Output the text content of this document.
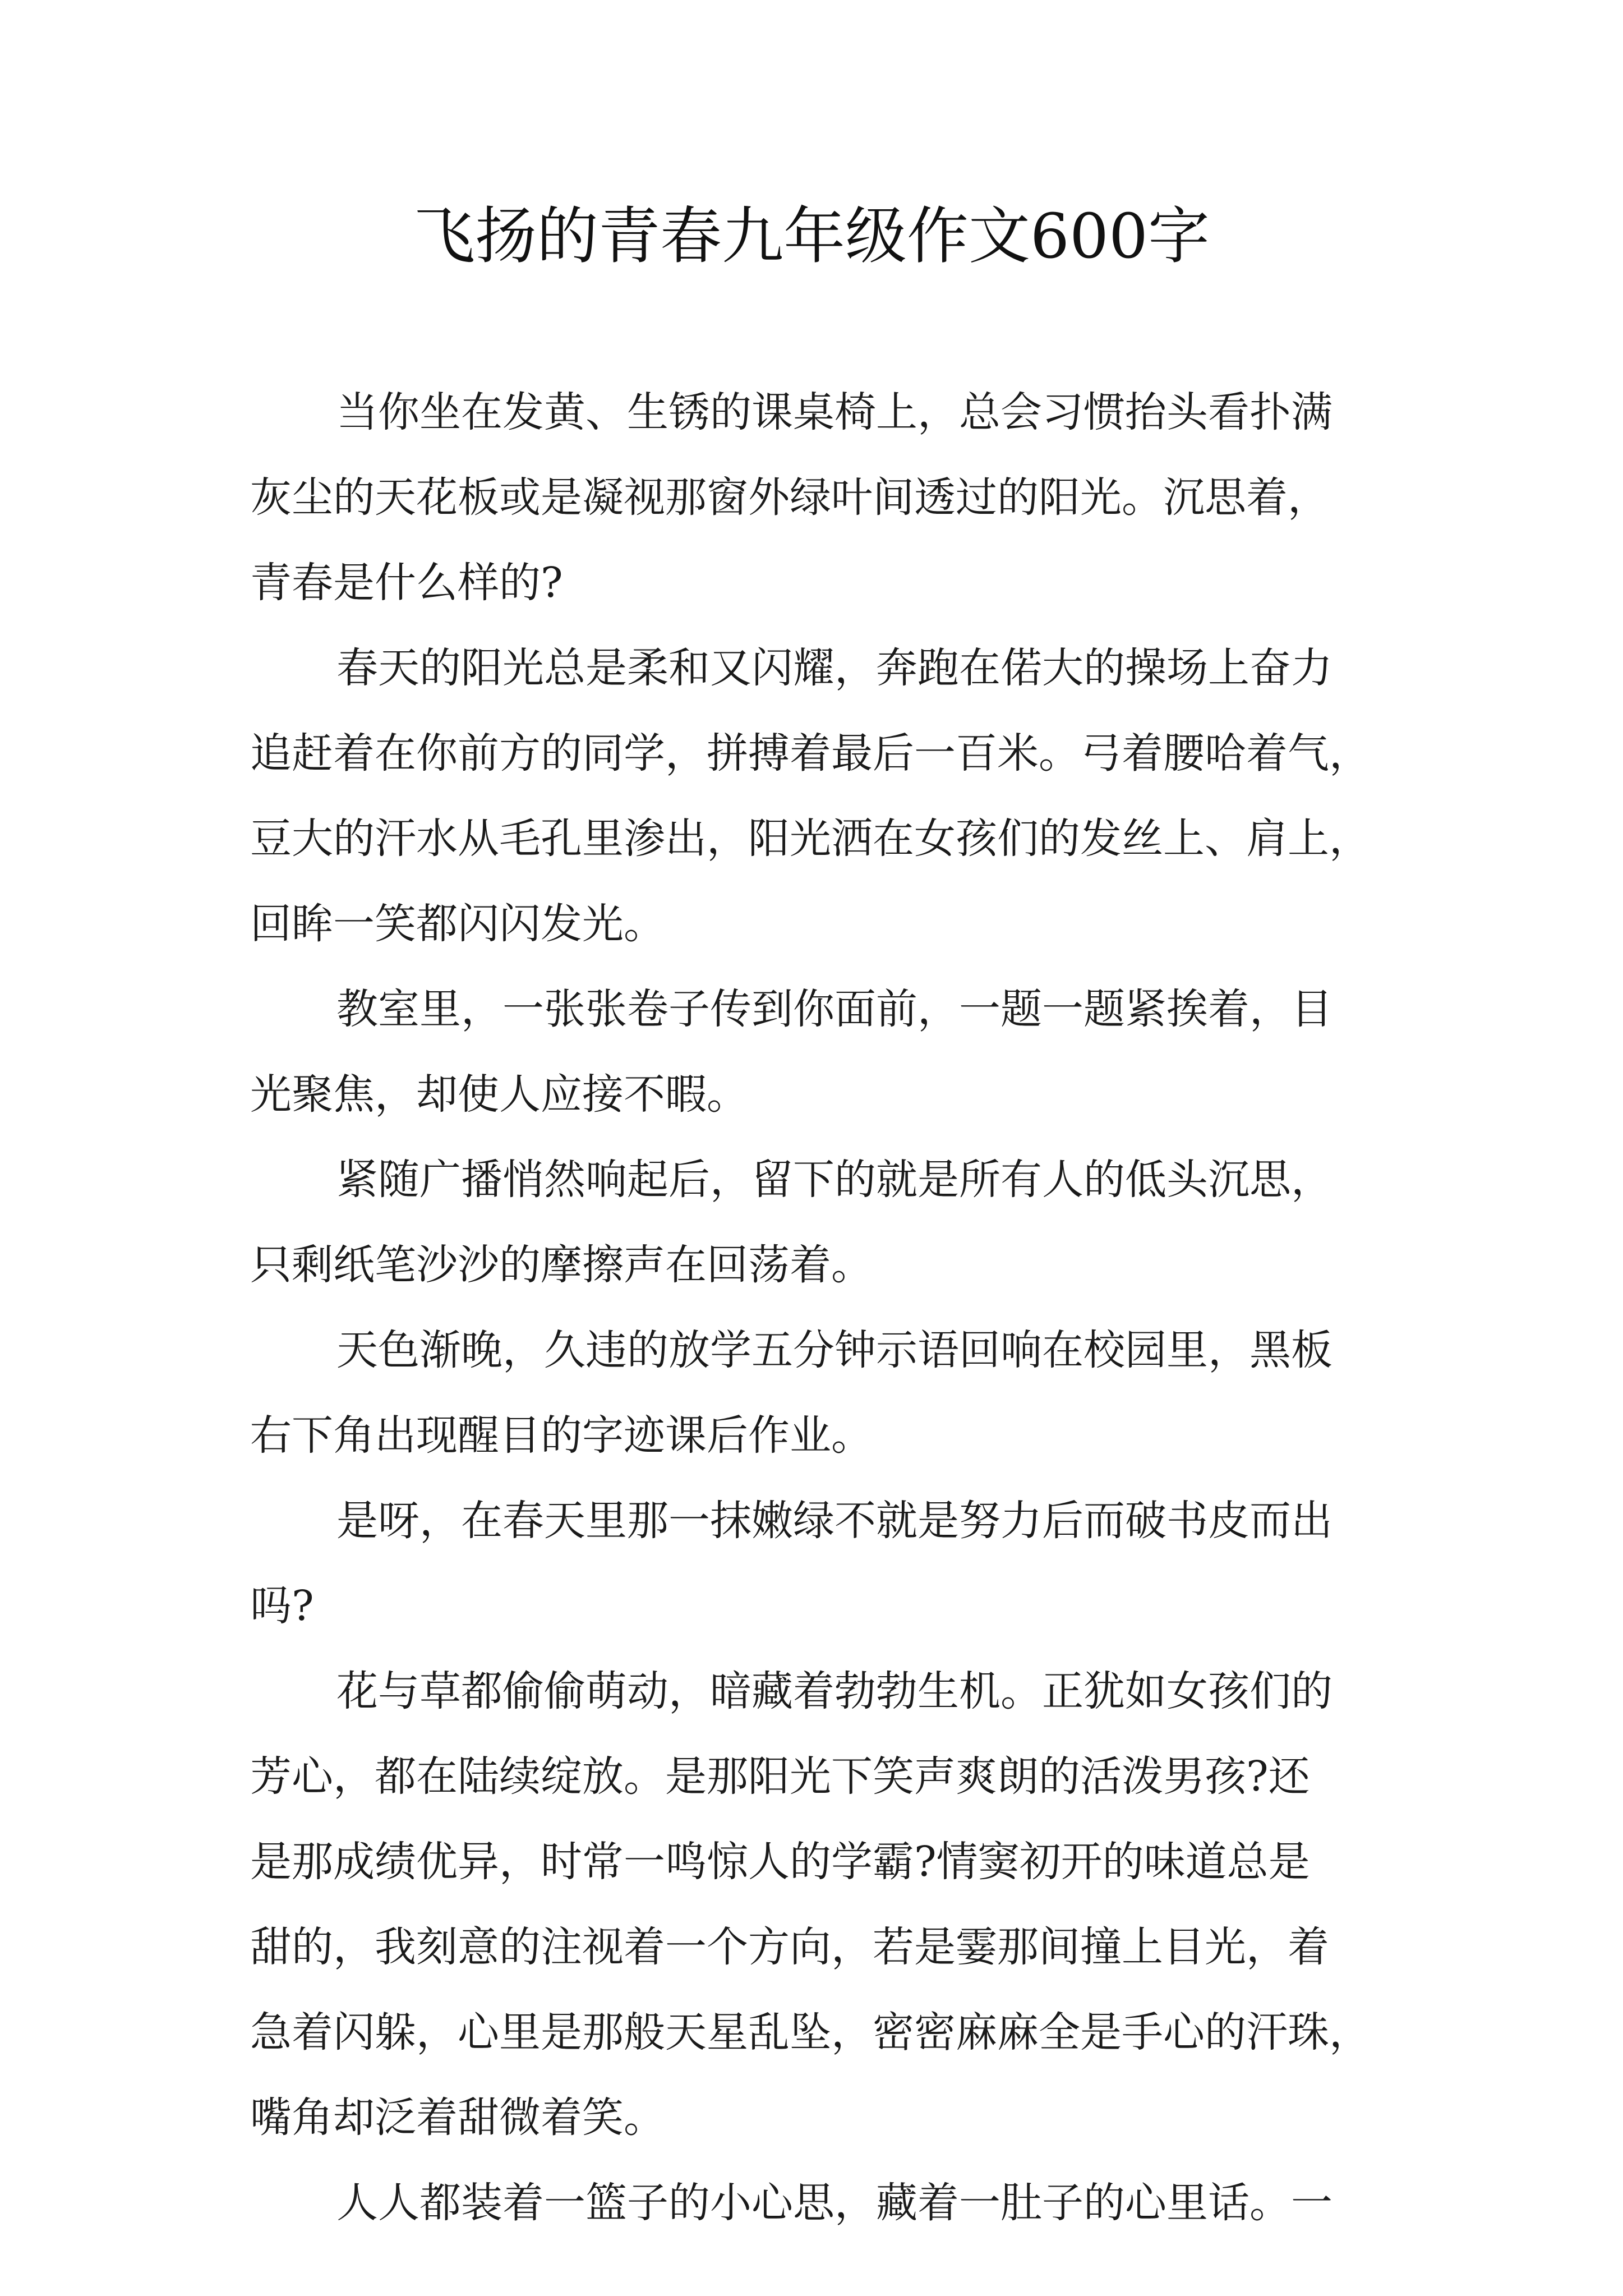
飞扬的青春九年级作文600字
当你坐在发黄、生锈的课桌椅上，总会习惯抬头看扑满
灰尘的天花板或是凝视那窗外绿叶间透过的阳光。沉思着，
青春是什么样的?
春天的阳光总是柔和又闪耀，奔跑在偌大的操场上奋力
追赶着在你前方的同学，拼搏着最后一百米。弓着腰哈着气，
豆大的汗水从毛孔里渗出，阳光洒在女孩们的发丝上、肩上，
回眸一笑都闪闪发光。
教室里，一张张卷子传到你面前，一题一题紧挨着，目
光聚焦，却使人应接不暇。
紧随广播悄然响起后，留下的就是所有人的低头沉思，
只剩纸笔沙沙的摩擦声在回荡着。
天色渐晚，久违的放学五分钟示语回响在校园里，黑板
右下角出现醒目的字迹课后作业。
是呀，在春天里那一抹嫩绿不就是努力后而破书皮而出
吗?
花与草都偷偷萌动，暗藏着勃勃生机。正犹如女孩们的
芳心，都在陆续绽放。是那阳光下笑声爽朗的活泼男孩?还
是那成绩优异，时常一鸣惊人的学霸?情窦初开的味道总是
甜的，我刻意的注视着一个方向，若是霎那间撞上目光，着
急着闪躲，心里是那般天星乱坠，密密麻麻全是手心的汗珠，
嘴角却泛着甜微着笑。
人人都装着一篮子的小心思，藏着一肚子的心里话。一
